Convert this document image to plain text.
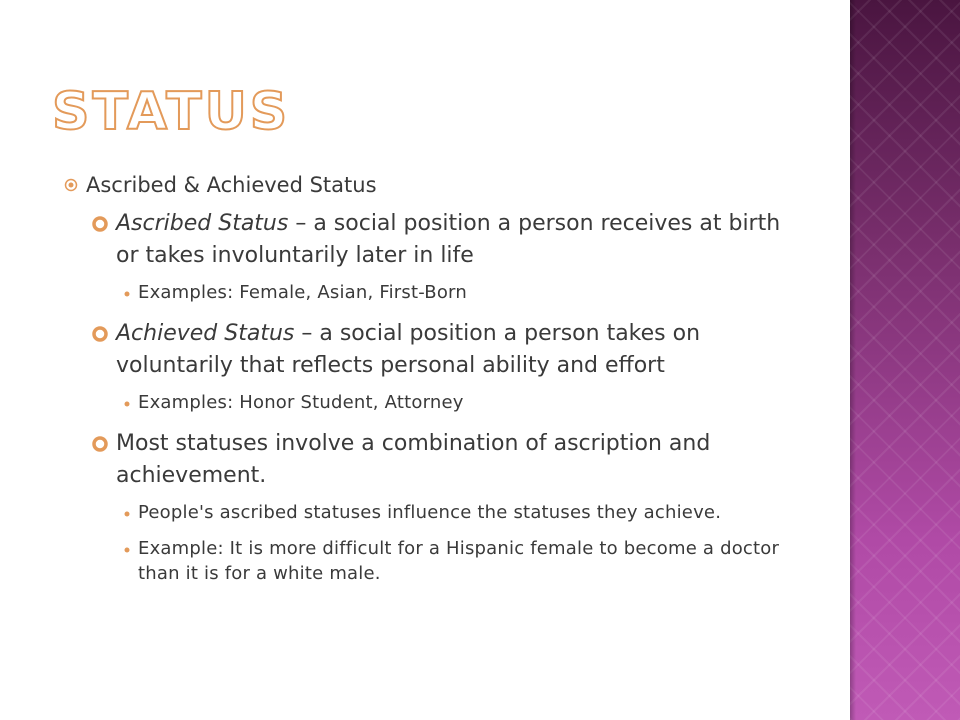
STATUS
Ascribed & Achieved Status
Ascribed Status – a social position a person receives at birth or takes involuntarily later in life
Examples: Female, Asian, First-Born
Achieved Status – a social position a person takes on voluntarily that reflects personal ability and effort
Examples: Honor Student, Attorney
Most statuses involve a combination of ascription and achievement.
People's ascribed statuses influence the statuses they achieve.
Example: It is more difficult for a Hispanic female to become a doctor than it is for a white male.
